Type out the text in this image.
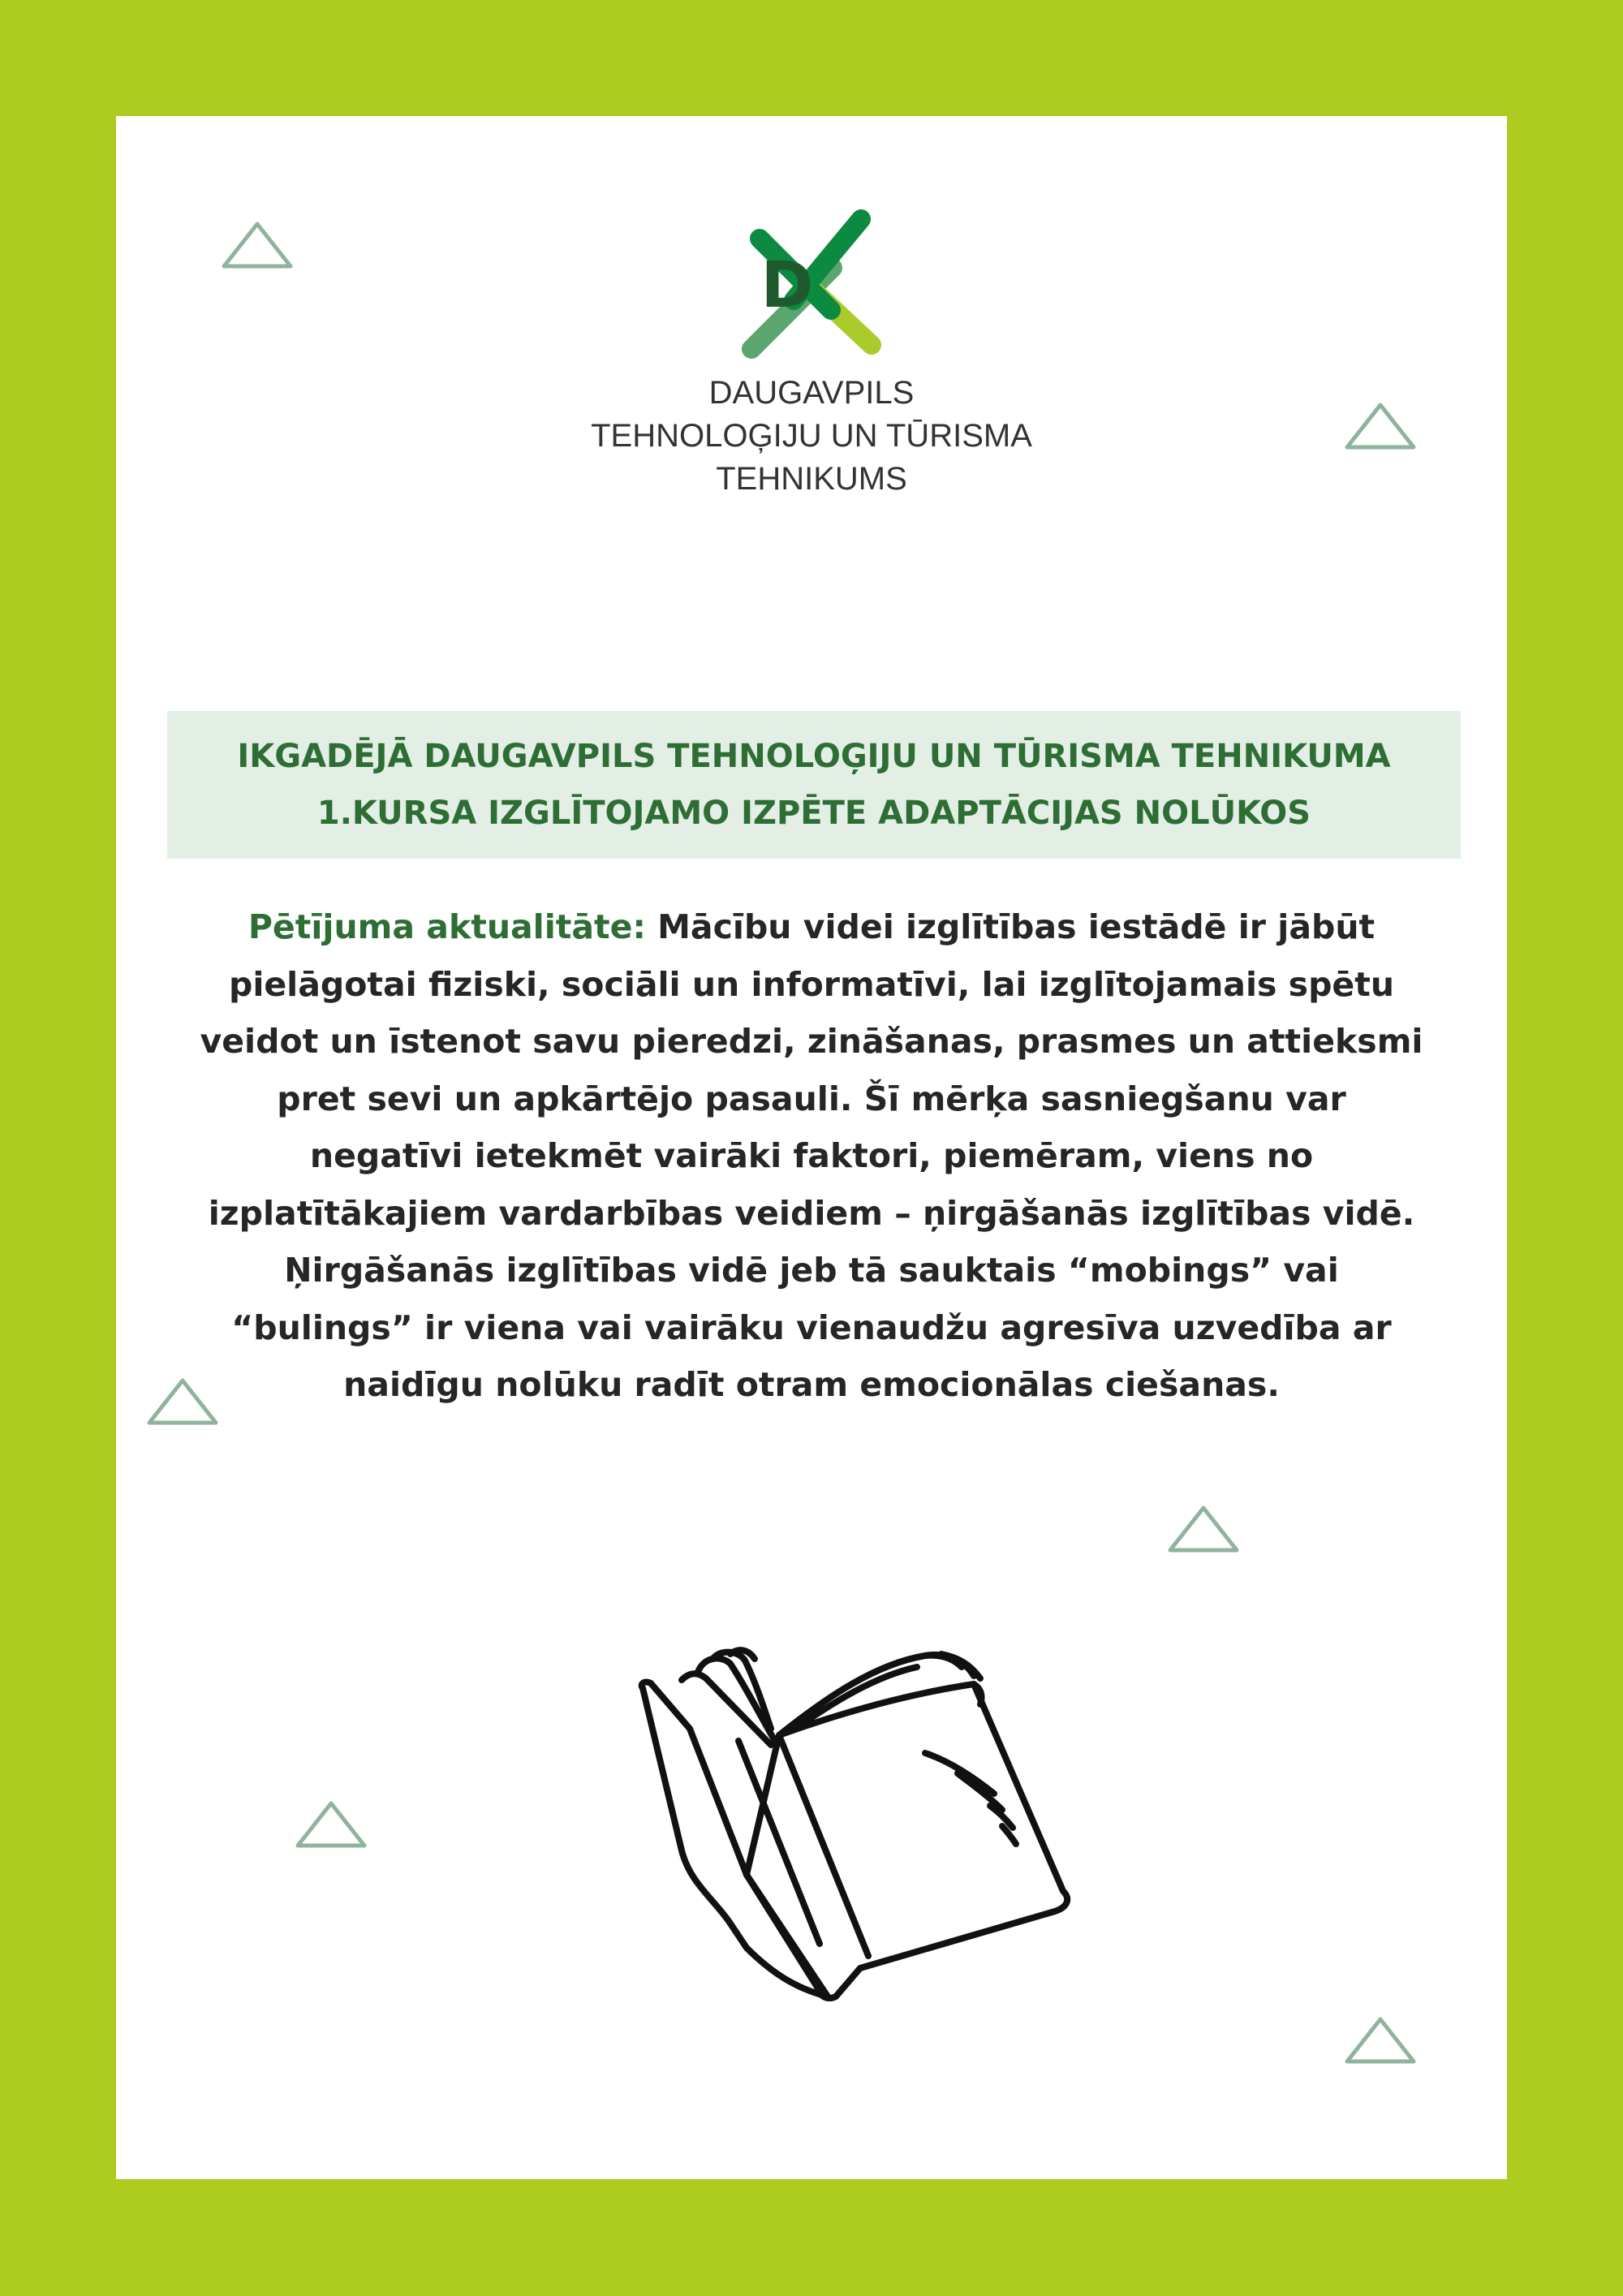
D
DAUGAVPILS
TEHNOLOĢIJU UN TŪRISMA
TEHNIKUMS
IKGADĒJĀ DAUGAVPILS TEHNOLOĢIJU UN TŪRISMA TEHNIKUMA
1.KURSA IZGLĪTOJAMO IZPĒTE ADAPTĀCIJAS NOLŪKOS
Pētījuma aktualitāte: Mācību videi izglītības iestādē ir jābūt pielāgotai fiziski, sociāli un informatīvi, lai izglītojamais spētu veidot un īstenot savu pieredzi, zināšanas, prasmes un attieksmi pret sevi un apkārtējo pasauli. Šī mērķa sasniegšanu var negatīvi ietekmēt vairāki faktori, piemēram, viens no izplatītākajiem vardarbības veidiem – ņirgāšanās izglītības vidē. Ņirgāšanās izglītības vidē jeb tā sauktais “mobings” vai “bulings” ir viena vai vairāku vienaudžu agresīva uzvedība ar naidīgu nolūku radīt otram emocionālas ciešanas.
